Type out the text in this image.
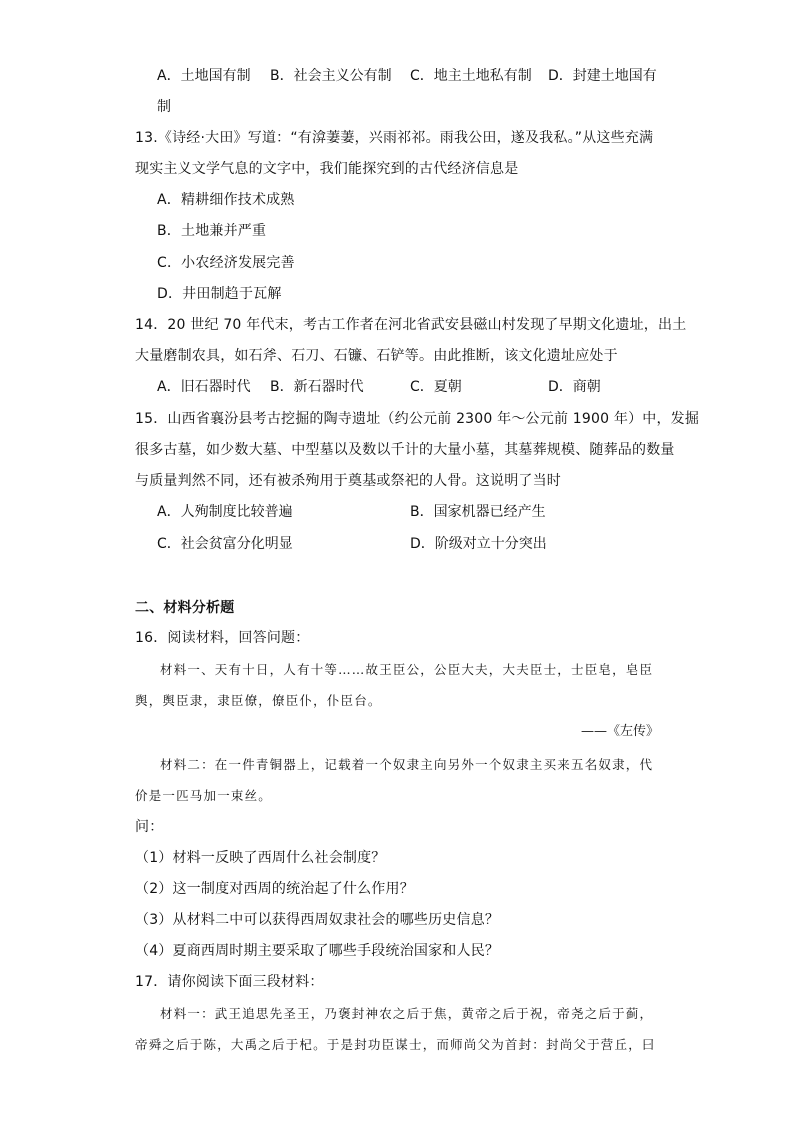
A．土地国有制 B．社会主义公有制 C．地主土地私有制 D．封建土地国有
制
13.《诗经·大田》写道：“有渰萋萋，兴雨祁祁。雨我公田，遂及我私。”从这些充满
现实主义文学气息的文字中，我们能探究到的古代经济信息是
A．精耕细作技术成熟
B．土地兼并严重
C．小农经济发展完善
D．井田制趋于瓦解
14．20 世纪 70 年代末，考古工作者在河北省武安县磁山村发现了早期文化遗址，出土
大量磨制农具，如石斧、石刀、石镰、石铲等。由此推断，该文化遗址应处于
A．旧石器时代 B．新石器时代	C．夏朝	D．商朝
15．山西省襄汾县考古挖掘的陶寺遗址（约公元前 2300 年～公元前 1900 年）中，发掘
很多古墓，如少数大墓、中型墓以及数以千计的大量小墓，其墓葬规模、随葬品的数量
与质量判然不同，还有被杀殉用于奠基或祭祀的人骨。这说明了当时
A．人殉制度比较普遍	B．国家机器已经产生
C．社会贫富分化明显	D．阶级对立十分突出
二、材料分析题
16．阅读材料，回答问题：
材料一、天有十日，人有十等……故王臣公，公臣大夫，大夫臣士，士臣皂，皂臣
舆，舆臣隶，隶臣僚，僚臣仆，仆臣台。
——《左传》
材料二：在一件青铜器上，记载着一个奴隶主向另外一个奴隶主买来五名奴隶，代
价是一匹马加一束丝。
问：
（1）材料一反映了西周什么社会制度？
（2）这一制度对西周的统治起了什么作用？
（3）从材料二中可以获得西周奴隶社会的哪些历史信息？
（4）夏商西周时期主要采取了哪些手段统治国家和人民？
17．请你阅读下面三段材料：
材料一：武王追思先圣王，乃褒封神农之后于焦，黄帝之后于祝，帝尧之后于蓟，
帝舜之后于陈，大禹之后于杞。于是封功臣谋士，而师尚父为首封：封尚父于营丘，曰
